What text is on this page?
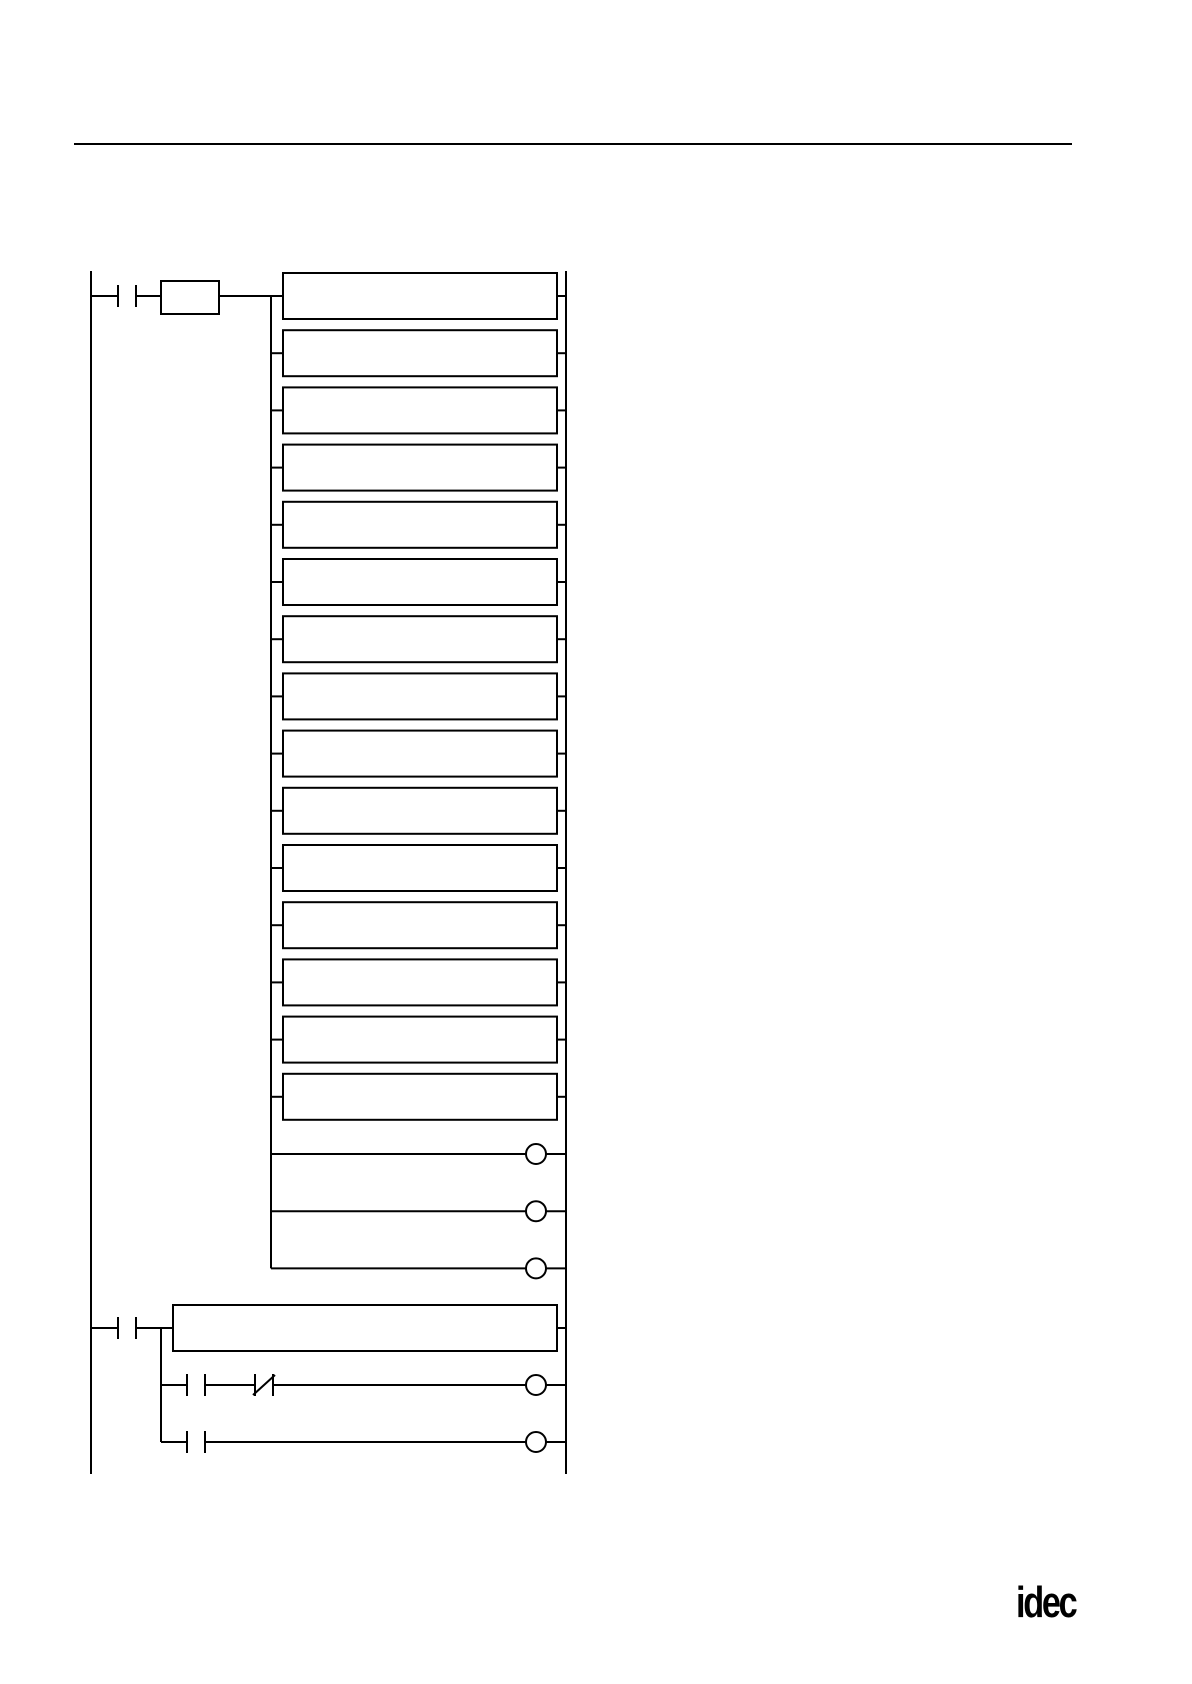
idec
